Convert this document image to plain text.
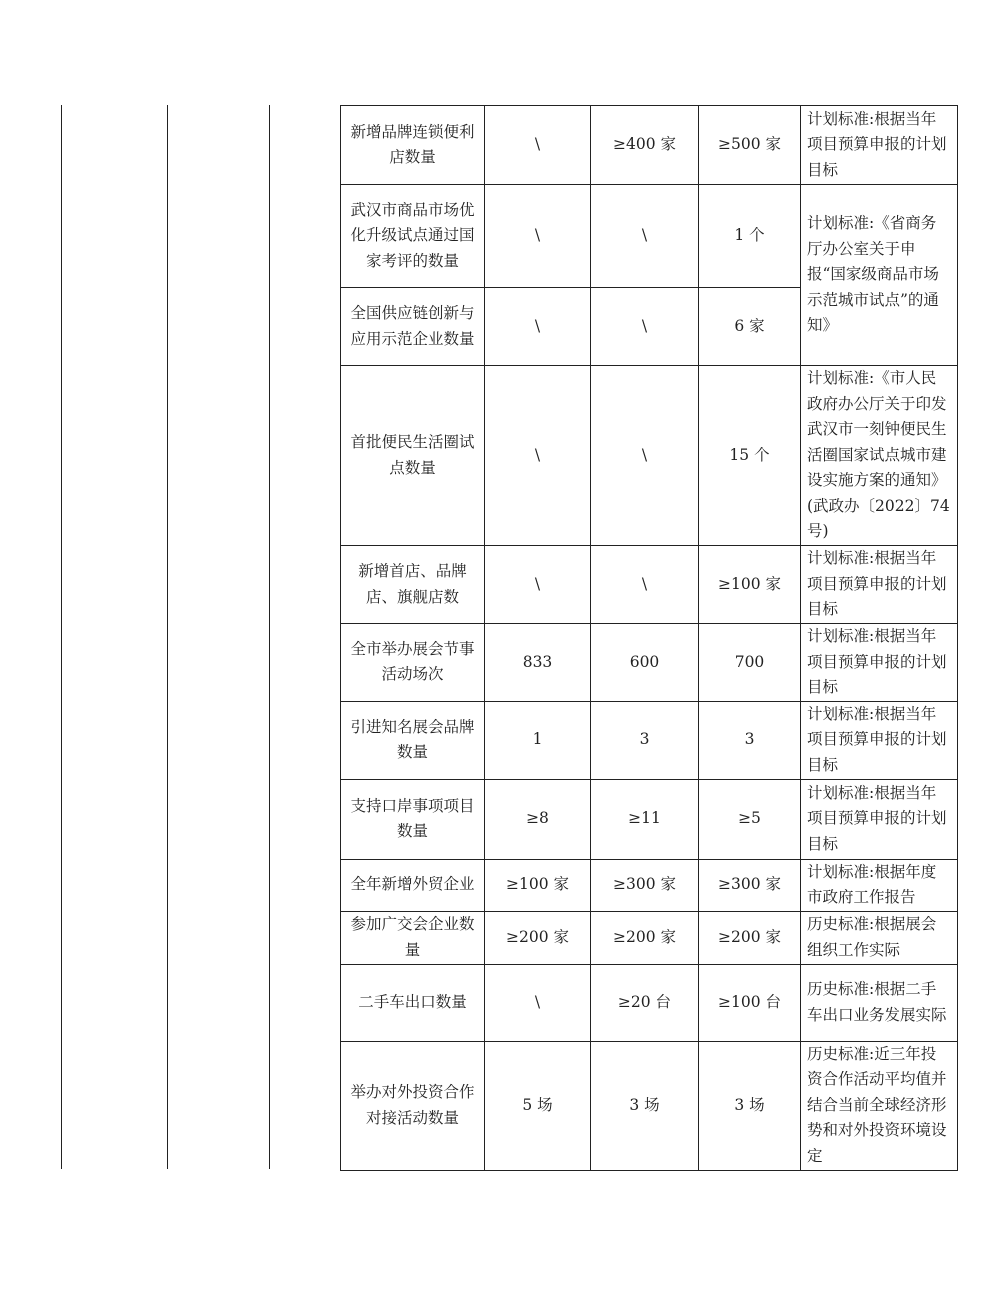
新增品牌连锁便利店数量	\	≥400 家	≥500 家	计划标准:根据当年项目预算申报的计划目标
武汉市商品市场优化升级试点通过国家考评的数量	\	\	1 个	计划标准:《省商务厅办公室关于申报“国家级商品市场示范城市试点”的通知》
全国供应链创新与应用示范企业数量	\	\	6 家	
首批便民生活圈试点数量	\	\	15 个	计划标准:《市人民政府办公厅关于印发武汉市一刻钟便民生活圈国家试点城市建设实施方案的通知》(武政办〔2022〕74 号)
新增首店、品牌店、旗舰店数	\	\	≥100 家	计划标准:根据当年项目预算申报的计划目标
全市举办展会节事活动场次	833	600	700	计划标准:根据当年项目预算申报的计划目标
引进知名展会品牌数量	1	3	3	计划标准:根据当年项目预算申报的计划目标
支持口岸事项项目数量	≥8	≥11	≥5	计划标准:根据当年项目预算申报的计划目标
全年新增外贸企业	≥100 家	≥300 家	≥300 家	计划标准:根据年度市政府工作报告
参加广交会企业数量	≥200 家	≥200 家	≥200 家	历史标准:根据展会组织工作实际
二手车出口数量	\	≥20 台	≥100 台	历史标准:根据二手车出口业务发展实际
举办对外投资合作对接活动数量	5 场	3 场	3 场	历史标准:近三年投资合作活动平均值并结合当前全球经济形势和对外投资环境设定
